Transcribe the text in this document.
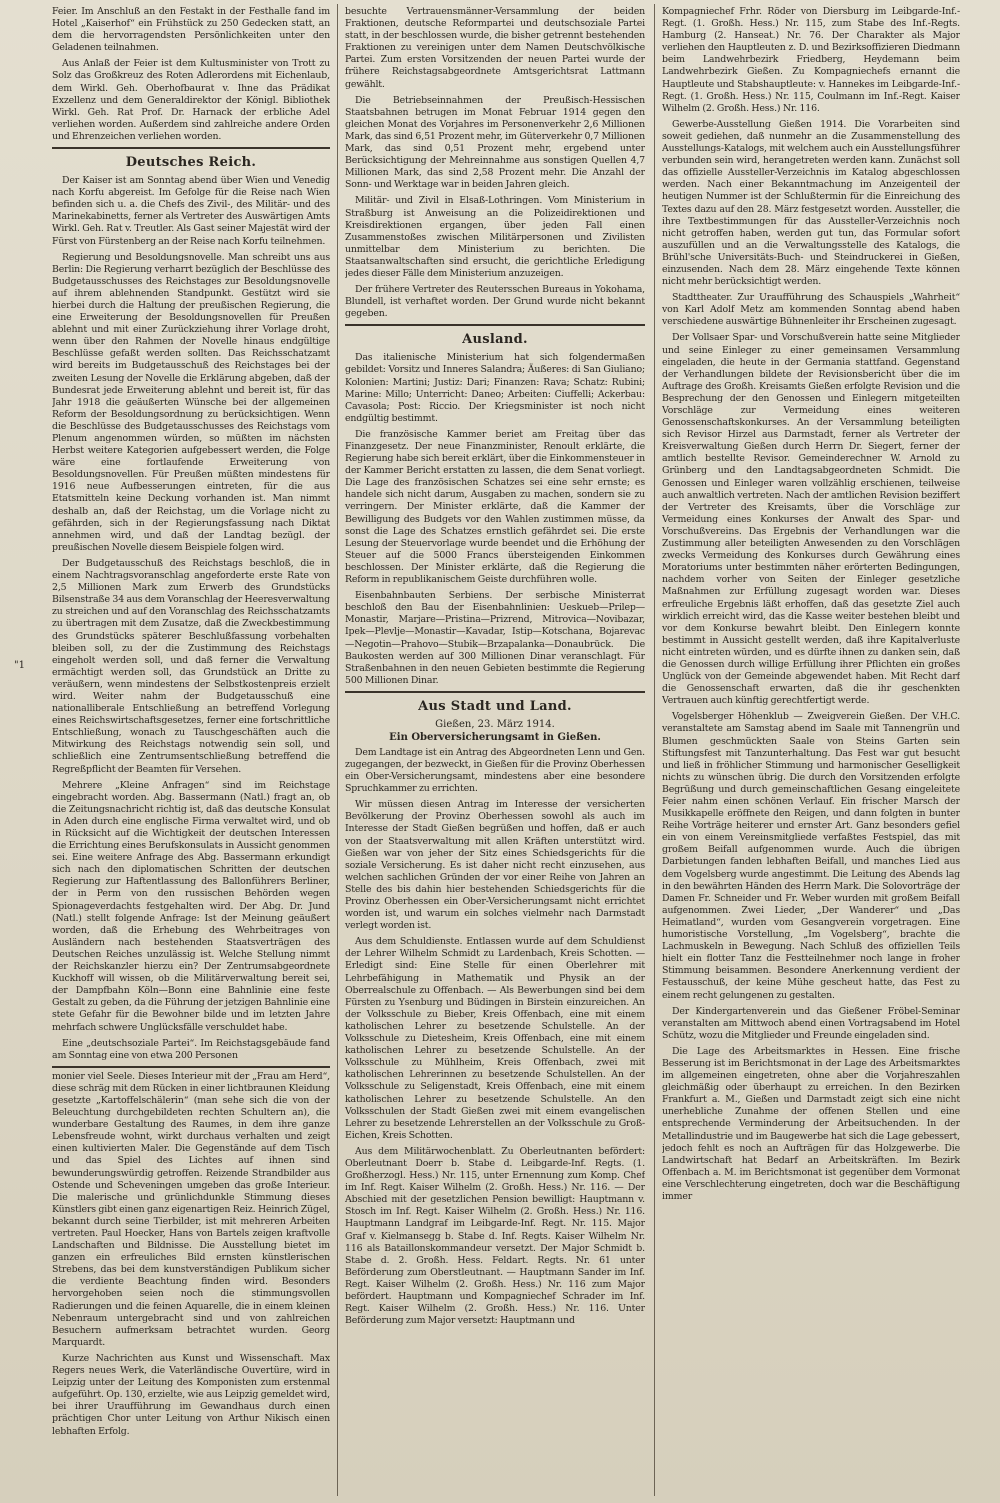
"1

Feier. Im Anschluß an den Festakt in der Festhalle fand im Hotel „Kaiserhof“ ein Frühstück zu 250 Gedecken statt, an dem die hervorragendsten Persönlichkeiten unter den Geladenen teilnahmen.

Aus Anlaß der Feier ist dem Kultusminister von Trott zu Solz das Großkreuz des Roten Adlerordens mit Eichenlaub, dem Wirkl. Geh. Oberhofbaurat v. Ihne das Prädikat Exzellenz und dem Generaldirektor der Königl. Bibliothek Wirkl. Geh. Rat Prof. Dr. Harnack der erbliche Adel verliehen worden. Außerdem sind zahlreiche andere Orden und Ehrenzeichen verliehen worden.

Deutsches Reich.

Der Kaiser ist am Sonntag abend über Wien und Venedig nach Korfu abgereist. Im Gefolge für die Reise nach Wien befinden sich u. a. die Chefs des Zivil-, des Militär- und des Marinekabinetts, ferner als Vertreter des Auswärtigen Amts Wirkl. Geh. Rat v. Treutler. Als Gast seiner Majestät wird der Fürst von Fürstenberg an der Reise nach Korfu teilnehmen.

Regierung und Besoldungsnovelle. Man schreibt uns aus Berlin: Die Regierung verharrt bezüglich der Beschlüsse des Budgetausschusses des Reichstages zur Besoldungsnovelle auf ihrem ablehnenden Standpunkt. Gestützt wird sie hierbei durch die Haltung der preußischen Regierung, die eine Erweiterung der Besoldungsnovellen für Preußen ablehnt und mit einer Zurückziehung ihrer Vorlage droht, wenn über den Rahmen der Novelle hinaus endgültige Beschlüsse gefaßt werden sollten. Das Reichsschatzamt wird bereits im Budgetausschuß des Reichstages bei der zweiten Lesung der Novelle die Erklärung abgeben, daß der Bundesrat jede Erweiterung ablehnt und bereit ist, für das Jahr 1918 die geäußerten Wünsche bei der allgemeinen Reform der Besoldungsordnung zu berücksichtigen. Wenn die Beschlüsse des Budgetausschusses des Reichstags vom Plenum angenommen würden, so müßten im nächsten Herbst weitere Kategorien aufgebessert werden, die Folge wäre eine fortlaufende Erweiterung von Besoldungsnovellen. Für Preußen müßten mindestens für 1916 neue Aufbesserungen eintreten, für die aus Etatsmitteln keine Deckung vorhanden ist. Man nimmt deshalb an, daß der Reichstag, um die Vorlage nicht zu gefährden, sich in der Regierungsfassung nach Diktat annehmen wird, und daß der Landtag bezügl. der preußischen Novelle diesem Beispiele folgen wird.

Der Budgetausschuß des Reichstags beschloß, die in einem Nachtragsvoranschlag angeforderte erste Rate von 2,5 Millionen Mark zum Erwerb des Grundstücks Bilsenstraße 34 aus dem Voranschlag der Heeresverwaltung zu streichen und auf den Voranschlag des Reichsschatzamts zu übertragen mit dem Zusatze, daß die Zweckbestimmung des Grundstücks späterer Beschlußfassung vorbehalten bleiben soll, zu der die Zustimmung des Reichstags eingeholt werden soll, und daß ferner die Verwaltung ermächtigt werden soll, das Grundstück an Dritte zu veräußern, wenn mindestens der Selbstkostenpreis erzielt wird. Weiter nahm der Budgetausschuß eine nationalliberale Entschließung an betreffend Vorlegung eines Reichswirtschaftsgesetzes, ferner eine fortschrittliche Entschließung, wonach zu Tauschgeschäften auch die Mitwirkung des Reichstags notwendig sein soll, und schließlich eine Zentrumsentschließung betreffend die Regreßpflicht der Beamten für Versehen.

Mehrere „Kleine Anfragen“ sind im Reichstage eingebracht worden. Abg. Bassermann (Natl.) fragt an, ob die Zeitungsnachricht richtig ist, daß das deutsche Konsulat in Aden durch eine englische Firma verwaltet wird, und ob in Rücksicht auf die Wichtigkeit der deutschen Interessen die Errichtung eines Berufskonsulats in Aussicht genommen sei. Eine weitere Anfrage des Abg. Bassermann erkundigt sich nach den diplomatischen Schritten der deutschen Regierung zur Haftentlassung des Ballonführers Berliner, der in Perm von den russischen Behörden wegen Spionageverdachts festgehalten wird. Der Abg. Dr. Jund (Natl.) stellt folgende Anfrage: Ist der Meinung geäußert worden, daß die Erhebung des Wehrbeitrages von Ausländern nach bestehenden Staatsverträgen des Deutschen Reiches unzulässig ist. Welche Stellung nimmt der Reichskanzler hierzu ein? Der Zentrumsabgeordnete Kuckhoff will wissen, ob die Militärverwaltung bereit sei, der Dampfbahn Köln—Bonn eine Bahnlinie eine feste Gestalt zu geben, da die Führung der jetzigen Bahnlinie eine stete Gefahr für die Bewohner bilde und im letzten Jahre mehrfach schwere Unglücksfälle verschuldet habe.

Eine „deutschsoziale Partei“. Im Reichstagsgebäude fand am Sonntag eine von etwa 200 Personen

monier viel Seele. Dieses Interieur mit der „Frau am Herd“, diese schräg mit dem Rücken in einer lichtbraunen Kleidung gesetzte „Kartoffelschälerin“ (man sehe sich die von der Beleuchtung durchgebildeten rechten Schultern an), die wunderbare Gestaltung des Raumes, in dem ihre ganze Lebensfreude wohnt, wirkt durchaus verhalten und zeigt einen kultivierten Maler. Die Gegenstände auf dem Tisch und das Spiel des Lichtes auf ihnen sind bewunderungswürdig getroffen. Reizende Strandbilder aus Ostende und Scheveningen umgeben das große Interieur. Die malerische und grünlichdunkle Stimmung dieses Künstlers gibt einen ganz eigenartigen Reiz. Heinrich Zügel, bekannt durch seine Tierbilder, ist mit mehreren Arbeiten vertreten. Paul Hoecker, Hans von Bartels zeigen kraftvolle Landschaften und Bildnisse. Die Ausstellung bietet im ganzen ein erfreuliches Bild ernsten künstlerischen Strebens, das bei dem kunstverständigen Publikum sicher die verdiente Beachtung finden wird. Besonders hervorgehoben seien noch die stimmungsvollen Radierungen und die feinen Aquarelle, die in einem kleinen Nebenraum untergebracht sind und von zahlreichen Besuchern aufmerksam betrachtet wurden. Georg Marquardt.

Kurze Nachrichten aus Kunst und Wissenschaft. Max Regers neues Werk, die Vaterländische Ouvertüre, wird in Leipzig unter der Leitung des Komponisten zum erstenmal aufgeführt. Op. 130, erzielte, wie aus Leipzig gemeldet wird, bei ihrer Uraufführung im Gewandhaus durch einen prächtigen Chor unter Leitung von Arthur Nikisch einen lebhaften Erfolg.

besuchte Vertrauensmänner-Versammlung der beiden Fraktionen, deutsche Reformpartei und deutschsoziale Partei statt, in der beschlossen wurde, die bisher getrennt bestehenden Fraktionen zu vereinigen unter dem Namen Deutschvölkische Partei. Zum ersten Vorsitzenden der neuen Partei wurde der frühere Reichstagsabgeordnete Amtsgerichtsrat Lattmann gewählt.

Die Betriebseinnahmen der Preußisch-Hessischen Staatsbahnen betrugen im Monat Februar 1914 gegen den gleichen Monat des Vorjahres im Personenverkehr 2,6 Millionen Mark, das sind 6,51 Prozent mehr, im Güterverkehr 0,7 Millionen Mark, das sind 0,51 Prozent mehr, ergebend unter Berücksichtigung der Mehreinnahme aus sonstigen Quellen 4,7 Millionen Mark, das sind 2,58 Prozent mehr. Die Anzahl der Sonn- und Werktage war in beiden Jahren gleich.

Militär- und Zivil in Elsaß-Lothringen. Vom Ministerium in Straßburg ist Anweisung an die Polizeidirektionen und Kreisdirektionen ergangen, über jeden Fall einen Zusammenstoßes zwischen Militärpersonen und Zivilisten unmittelbar dem Ministerium zu berichten. Die Staatsanwaltschaften sind ersucht, die gerichtliche Erledigung jedes dieser Fälle dem Ministerium anzuzeigen.

Der frühere Vertreter des Reutersschen Bureaus in Yokohama, Blundell, ist verhaftet worden. Der Grund wurde nicht bekannt gegeben.

Ausland.

Das italienische Ministerium hat sich folgendermaßen gebildet: Vorsitz und Inneres Salandra; Äußeres: di San Giuliano; Kolonien: Martini; Justiz: Dari; Finanzen: Rava; Schatz: Rubini; Marine: Millo; Unterricht: Daneo; Arbeiten: Ciuffelli; Ackerbau: Cavasola; Post: Riccio. Der Kriegsminister ist noch nicht endgültig bestimmt.

Die französische Kammer beriet am Freitag über das Finanzgesetz. Der neue Finanzminister, Renoult erklärte, die Regierung habe sich bereit erklärt, über die Einkommensteuer in der Kammer Bericht erstatten zu lassen, die dem Senat vorliegt. Die Lage des französischen Schatzes sei eine sehr ernste; es handele sich nicht darum, Ausgaben zu machen, sondern sie zu verringern. Der Minister erklärte, daß die Kammer der Bewilligung des Budgets vor den Wahlen zustimmen müsse, da sonst die Lage des Schatzes ernstlich gefährdet sei. Die erste Lesung der Steuervorlage wurde beendet und die Erhöhung der Steuer auf die 5000 Francs übersteigenden Einkommen beschlossen. Der Minister erklärte, daß die Regierung die Reform in republikanischem Geiste durchführen wolle.

Eisenbahnbauten Serbiens. Der serbische Ministerrat beschloß den Bau der Eisenbahnlinien: Ueskueb—Prilep—Monastir, Marjare—Pristina—Prizrend, Mitrovica—Novibazar, Ipek—Plevlje—Monastir—Kavadar, Istip—Kotschana, Bojarevac—Negotin—Prahovo—Stubik—Brzapalanka—Donaubrück. Die Baukosten werden auf 300 Millionen Dinar veranschlagt. Für Straßenbahnen in den neuen Gebieten bestimmte die Regierung 500 Millionen Dinar.

Aus Stadt und Land.
Gießen, 23. März 1914.
Ein Oberversicherungsamt in Gießen.

Dem Landtage ist ein Antrag des Abgeordneten Lenn und Gen. zugegangen, der bezweckt, in Gießen für die Provinz Oberhessen ein Ober-Versicherungsamt, mindestens aber eine besondere Spruchkammer zu errichten.

Wir müssen diesen Antrag im Interesse der versicherten Bevölkerung der Provinz Oberhessen sowohl als auch im Interesse der Stadt Gießen begrüßen und hoffen, daß er auch von der Staatsverwaltung mit allen Kräften unterstützt wird. Gießen war von jeher der Sitz eines Schiedsgerichts für die soziale Versicherung. Es ist daher nicht recht einzusehen, aus welchen sachlichen Gründen der vor einer Reihe von Jahren an Stelle des bis dahin hier bestehenden Schiedsgerichts für die Provinz Oberhessen ein Ober-Versicherungsamt nicht errichtet worden ist, und warum ein solches vielmehr nach Darmstadt verlegt worden ist.

Aus dem Schuldienste. Entlassen wurde auf dem Schuldienst der Lehrer Wilhelm Schmidt zu Lardenbach, Kreis Schotten. — Erledigt sind: Eine Stelle für einen Oberlehrer mit Lehrbefähigung in Mathematik und Physik an der Oberrealschule zu Offenbach. — Als Bewerbungen sind bei dem Fürsten zu Ysenburg und Büdingen in Birstein einzureichen. An der Volksschule zu Bieber, Kreis Offenbach, eine mit einem katholischen Lehrer zu besetzende Schulstelle. An der Volksschule zu Dietesheim, Kreis Offenbach, eine mit einem katholischen Lehrer zu besetzende Schulstelle. An der Volksschule zu Mühlheim, Kreis Offenbach, zwei mit katholischen Lehrerinnen zu besetzende Schulstellen. An der Volksschule zu Seligenstadt, Kreis Offenbach, eine mit einem katholischen Lehrer zu besetzende Schulstelle. An den Volksschulen der Stadt Gießen zwei mit einem evangelischen Lehrer zu besetzende Lehrerstellen an der Volksschule zu Groß-Eichen, Kreis Schotten.

Aus dem Militärwochenblatt. Zu Oberleutnanten befördert: Oberleutnant Doerr b. Stabe d. Leibgarde-Inf. Regts. (1. Großherzogl. Hess.) Nr. 115, unter Ernennung zum Komp. Chef im Inf. Regt. Kaiser Wilhelm (2. Großh. Hess.) Nr. 116. — Der Abschied mit der gesetzlichen Pension bewilligt: Hauptmann v. Stosch im Inf. Regt. Kaiser Wilhelm (2. Großh. Hess.) Nr. 116. Hauptmann Landgraf im Leibgarde-Inf. Regt. Nr. 115. Major Graf v. Kielmansegg b. Stabe d. Inf. Regts. Kaiser Wilhelm Nr. 116 als Bataillonskommandeur versetzt. Der Major Schmidt b. Stabe d. 2. Großh. Hess. Feldart. Regts. Nr. 61 unter Beförderung zum Oberstleutnant. — Hauptmann Sander im Inf. Regt. Kaiser Wilhelm (2. Großh. Hess.) Nr. 116 zum Major befördert. Hauptmann und Kompagniechef Schrader im Inf. Regt. Kaiser Wilhelm (2. Großh. Hess.) Nr. 116. Unter Beförderung zum Major versetzt: Hauptmann und

Kompagniechef Frhr. Röder von Diersburg im Leibgarde-Inf.-Regt. (1. Großh. Hess.) Nr. 115, zum Stabe des Inf.-Regts. Hamburg (2. Hanseat.) Nr. 76. Der Charakter als Major verliehen den Hauptleuten z. D. und Bezirksoffizieren Diedmann beim Landwehrbezirk Friedberg, Heydemann beim Landwehrbezirk Gießen. Zu Kompagniechefs ernannt die Hauptleute und Stabshauptleute: v. Hannekes im Leibgarde-Inf.-Regt. (1. Großh. Hess.) Nr. 115, Coulmann im Inf.-Regt. Kaiser Wilhelm (2. Großh. Hess.) Nr. 116.

Gewerbe-Ausstellung Gießen 1914. Die Vorarbeiten sind soweit gediehen, daß nunmehr an die Zusammenstellung des Ausstellungs-Katalogs, mit welchem auch ein Ausstellungsführer verbunden sein wird, herangetreten werden kann. Zunächst soll das offizielle Aussteller-Verzeichnis im Katalog abgeschlossen werden. Nach einer Bekanntmachung im Anzeigenteil der heutigen Nummer ist der Schlußtermin für die Einreichung des Textes dazu auf den 28. März festgesetzt worden. Aussteller, die ihre Textbestimmungen für das Aussteller-Verzeichnis noch nicht getroffen haben, werden gut tun, das Formular sofort auszufüllen und an die Verwaltungsstelle des Katalogs, die Brühl'sche Universitäts-Buch- und Steindruckerei in Gießen, einzusenden. Nach dem 28. März eingehende Texte können nicht mehr berücksichtigt werden.

Stadttheater. Zur Uraufführung des Schauspiels „Wahrheit“ von Karl Adolf Metz am kommenden Sonntag abend haben verschiedene auswärtige Bühnenleiter ihr Erscheinen zugesagt.

Der Vollsaer Spar- und Vorschußverein hatte seine Mitglieder und seine Einleger zu einer gemeinsamen Versammlung eingeladen, die heute in der Germania stattfand. Gegenstand der Verhandlungen bildete der Revisionsbericht über die im Auftrage des Großh. Kreisamts Gießen erfolgte Revision und die Besprechung der den Genossen und Einlegern mitgeteilten Vorschläge zur Vermeidung eines weiteren Genossenschaftskonkurses. An der Versammlung beteiligten sich Revisor Hirzel aus Darmstadt, ferner als Vertreter der Kreisverwaltung Gießen durch Herrn Dr. Siegert, ferner der amtlich bestellte Revisor. Gemeinderechner W. Arnold zu Grünberg und den Landtagsabgeordneten Schmidt. Die Genossen und Einleger waren vollzählig erschienen, teilweise auch anwaltlich vertreten. Nach der amtlichen Revision beziffert der Vertreter des Kreisamts, über die Vorschläge zur Vermeidung eines Konkurses der Anwalt des Spar- und Vorschußvereins. Das Ergebnis der Verhandlungen war die Zustimmung aller beteiligten Anwesenden zu den Vorschlägen zwecks Vermeidung des Konkurses durch Gewährung eines Moratoriums unter bestimmten näher erörterten Bedingungen, nachdem vorher von Seiten der Einleger gesetzliche Maßnahmen zur Erfüllung zugesagt worden war. Dieses erfreuliche Ergebnis läßt erhoffen, daß das gesetzte Ziel auch wirklich erreicht wird, das die Kasse weiter bestehen bleibt und vor dem Konkurse bewahrt bleibt. Den Einlegern konnte bestimmt in Aussicht gestellt werden, daß ihre Kapitalverluste nicht eintreten würden, und es dürfte ihnen zu danken sein, daß die Genossen durch willige Erfüllung ihrer Pflichten ein großes Unglück von der Gemeinde abgewendet haben. Mit Recht darf die Genossenschaft erwarten, daß die ihr geschenkten Vertrauen auch künftig gerechtfertigt werde.

Vogelsberger Höhenklub — Zweigverein Gießen. Der V.H.C. veranstaltete am Samstag abend im Saale mit Tannengrün und Blumen geschmückten Saale von Steins Garten sein Stiftungsfest mit Tanzunterhaltung. Das Fest war gut besucht und ließ in fröhlicher Stimmung und harmonischer Geselligkeit nichts zu wünschen übrig. Die durch den Vorsitzenden erfolgte Begrüßung und durch gemeinschaftlichen Gesang eingeleitete Feier nahm einen schönen Verlauf. Ein frischer Marsch der Musikkapelle eröffnete den Reigen, und dann folgten in bunter Reihe Vorträge heiterer und ernster Art. Ganz besonders gefiel ein von einem Vereinsmitgliede verfaßtes Festspiel, das mit großem Beifall aufgenommen wurde. Auch die übrigen Darbietungen fanden lebhaften Beifall, und manches Lied aus dem Vogelsberg wurde angestimmt. Die Leitung des Abends lag in den bewährten Händen des Herrn Mark. Die Solovorträge der Damen Fr. Schneider und Fr. Weber wurden mit großem Beifall aufgenommen. Zwei Lieder, „Der Wanderer“ und „Das Heimatland“, wurden vom Gesangverein vorgetragen. Eine humoristische Vorstellung, „Im Vogelsberg“, brachte die Lachmuskeln in Bewegung. Nach Schluß des offiziellen Teils hielt ein flotter Tanz die Festteilnehmer noch lange in froher Stimmung beisammen. Besondere Anerkennung verdient der Festausschuß, der keine Mühe gescheut hatte, das Fest zu einem recht gelungenen zu gestalten.

Der Kindergartenverein und das Gießener Fröbel-Seminar veranstalten am Mittwoch abend einen Vortragsabend im Hotel Schütz, wozu die Mitglieder und Freunde eingeladen sind.

Die Lage des Arbeitsmarktes in Hessen. Eine frische Besserung ist im Berichtsmonat in der Lage des Arbeitsmarktes im allgemeinen eingetreten, ohne aber die Vorjahreszahlen gleichmäßig oder überhaupt zu erreichen. In den Bezirken Frankfurt a. M., Gießen und Darmstadt zeigt sich eine nicht unerhebliche Zunahme der offenen Stellen und eine entsprechende Verminderung der Arbeitsuchenden. In der Metallindustrie und im Baugewerbe hat sich die Lage gebessert, jedoch fehlt es noch an Aufträgen für das Holzgewerbe. Die Landwirtschaft hat Bedarf an Arbeitskräften. Im Bezirk Offenbach a. M. im Berichtsmonat ist gegenüber dem Vormonat eine Verschlechterung eingetreten, doch war die Beschäftigung immer
